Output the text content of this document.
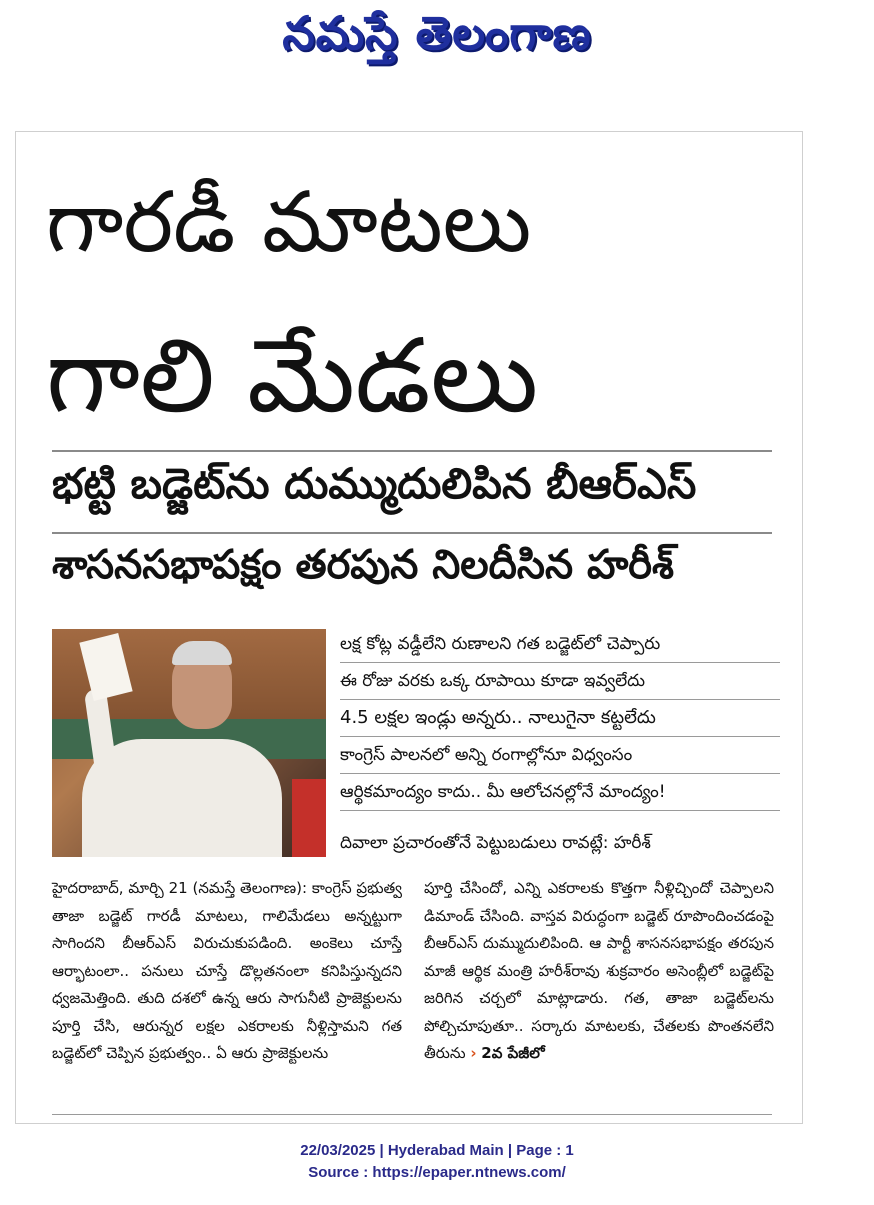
నమస్తే తెలంగాణ
గారడీ మాటలు
గాలి మేడలు
భట్టి బడ్జెట్‌ను దుమ్ముదులిపిన బీఆర్‌ఎస్
శాసనసభాపక్షం తరపున నిలదీసిన హరీశ్
లక్ష కోట్ల వడ్డీలేని రుణాలని గత బడ్జెట్‌లో చెప్పారు
ఈ రోజు వరకు ఒక్క రూపాయి కూడా ఇవ్వలేదు
4.5 లక్షల ఇండ్లు అన్నరు.. నాలుగైనా కట్టలేదు
కాంగ్రెస్ పాలనలో అన్ని రంగాల్లోనూ విధ్వంసం
ఆర్థికమాంద్యం కాదు.. మీ ఆలోచనల్లోనే మాంద్యం!
దివాలా ప్రచారంతోనే పెట్టుబడులు రావట్లే: హరీశ్
హైదరాబాద్, మార్చి 21 (నమస్తే తెలంగాణ): కాంగ్రెస్ ప్రభుత్వ తాజా బడ్జెట్ గారడీ మాటలు, గాలిమేడలు అన్నట్టుగా సాగిందని బీఆర్‌ఎస్ విరుచుకుపడింది. అంకెలు చూస్తే ఆర్భాటంలా.. పనులు చూస్తే డొల్లతనంలా కనిపిస్తున్నదని ధ్వజమెత్తింది. తుది దశలో ఉన్న ఆరు సాగునీటి ప్రాజెక్టులను పూర్తి చేసి, ఆరున్నర లక్షల ఎకరాలకు నీళ్లిస్తామని గత బడ్జెట్‌లో చెప్పిన ప్రభుత్వం.. ఏ ఆరు ప్రాజెక్టులను
పూర్తి చేసిందో, ఎన్ని ఎకరాలకు కొత్తగా నీళ్లిచ్చిందో చెప్పాలని డిమాండ్ చేసింది. వాస్తవ విరుద్ధంగా బడ్జెట్ రూపొందించడంపై బీఆర్‌ఎస్ దుమ్ముదులిపింది. ఆ పార్టీ శాసనసభాపక్షం తరపున మాజీ ఆర్థిక మంత్రి హరీశ్‌రావు శుక్రవారం అసెంబ్లీలో బడ్జెట్‌పై జరిగిన చర్చలో మాట్లాడారు. గత, తాజా బడ్జెట్‌లను పోల్చిచూపుతూ.. సర్కారు మాటలకు, చేతలకు పొంతనలేని తీరును › 2వ పేజీలో
22/03/2025 | Hyderabad Main | Page : 1
Source : https://epaper.ntnews.com/
